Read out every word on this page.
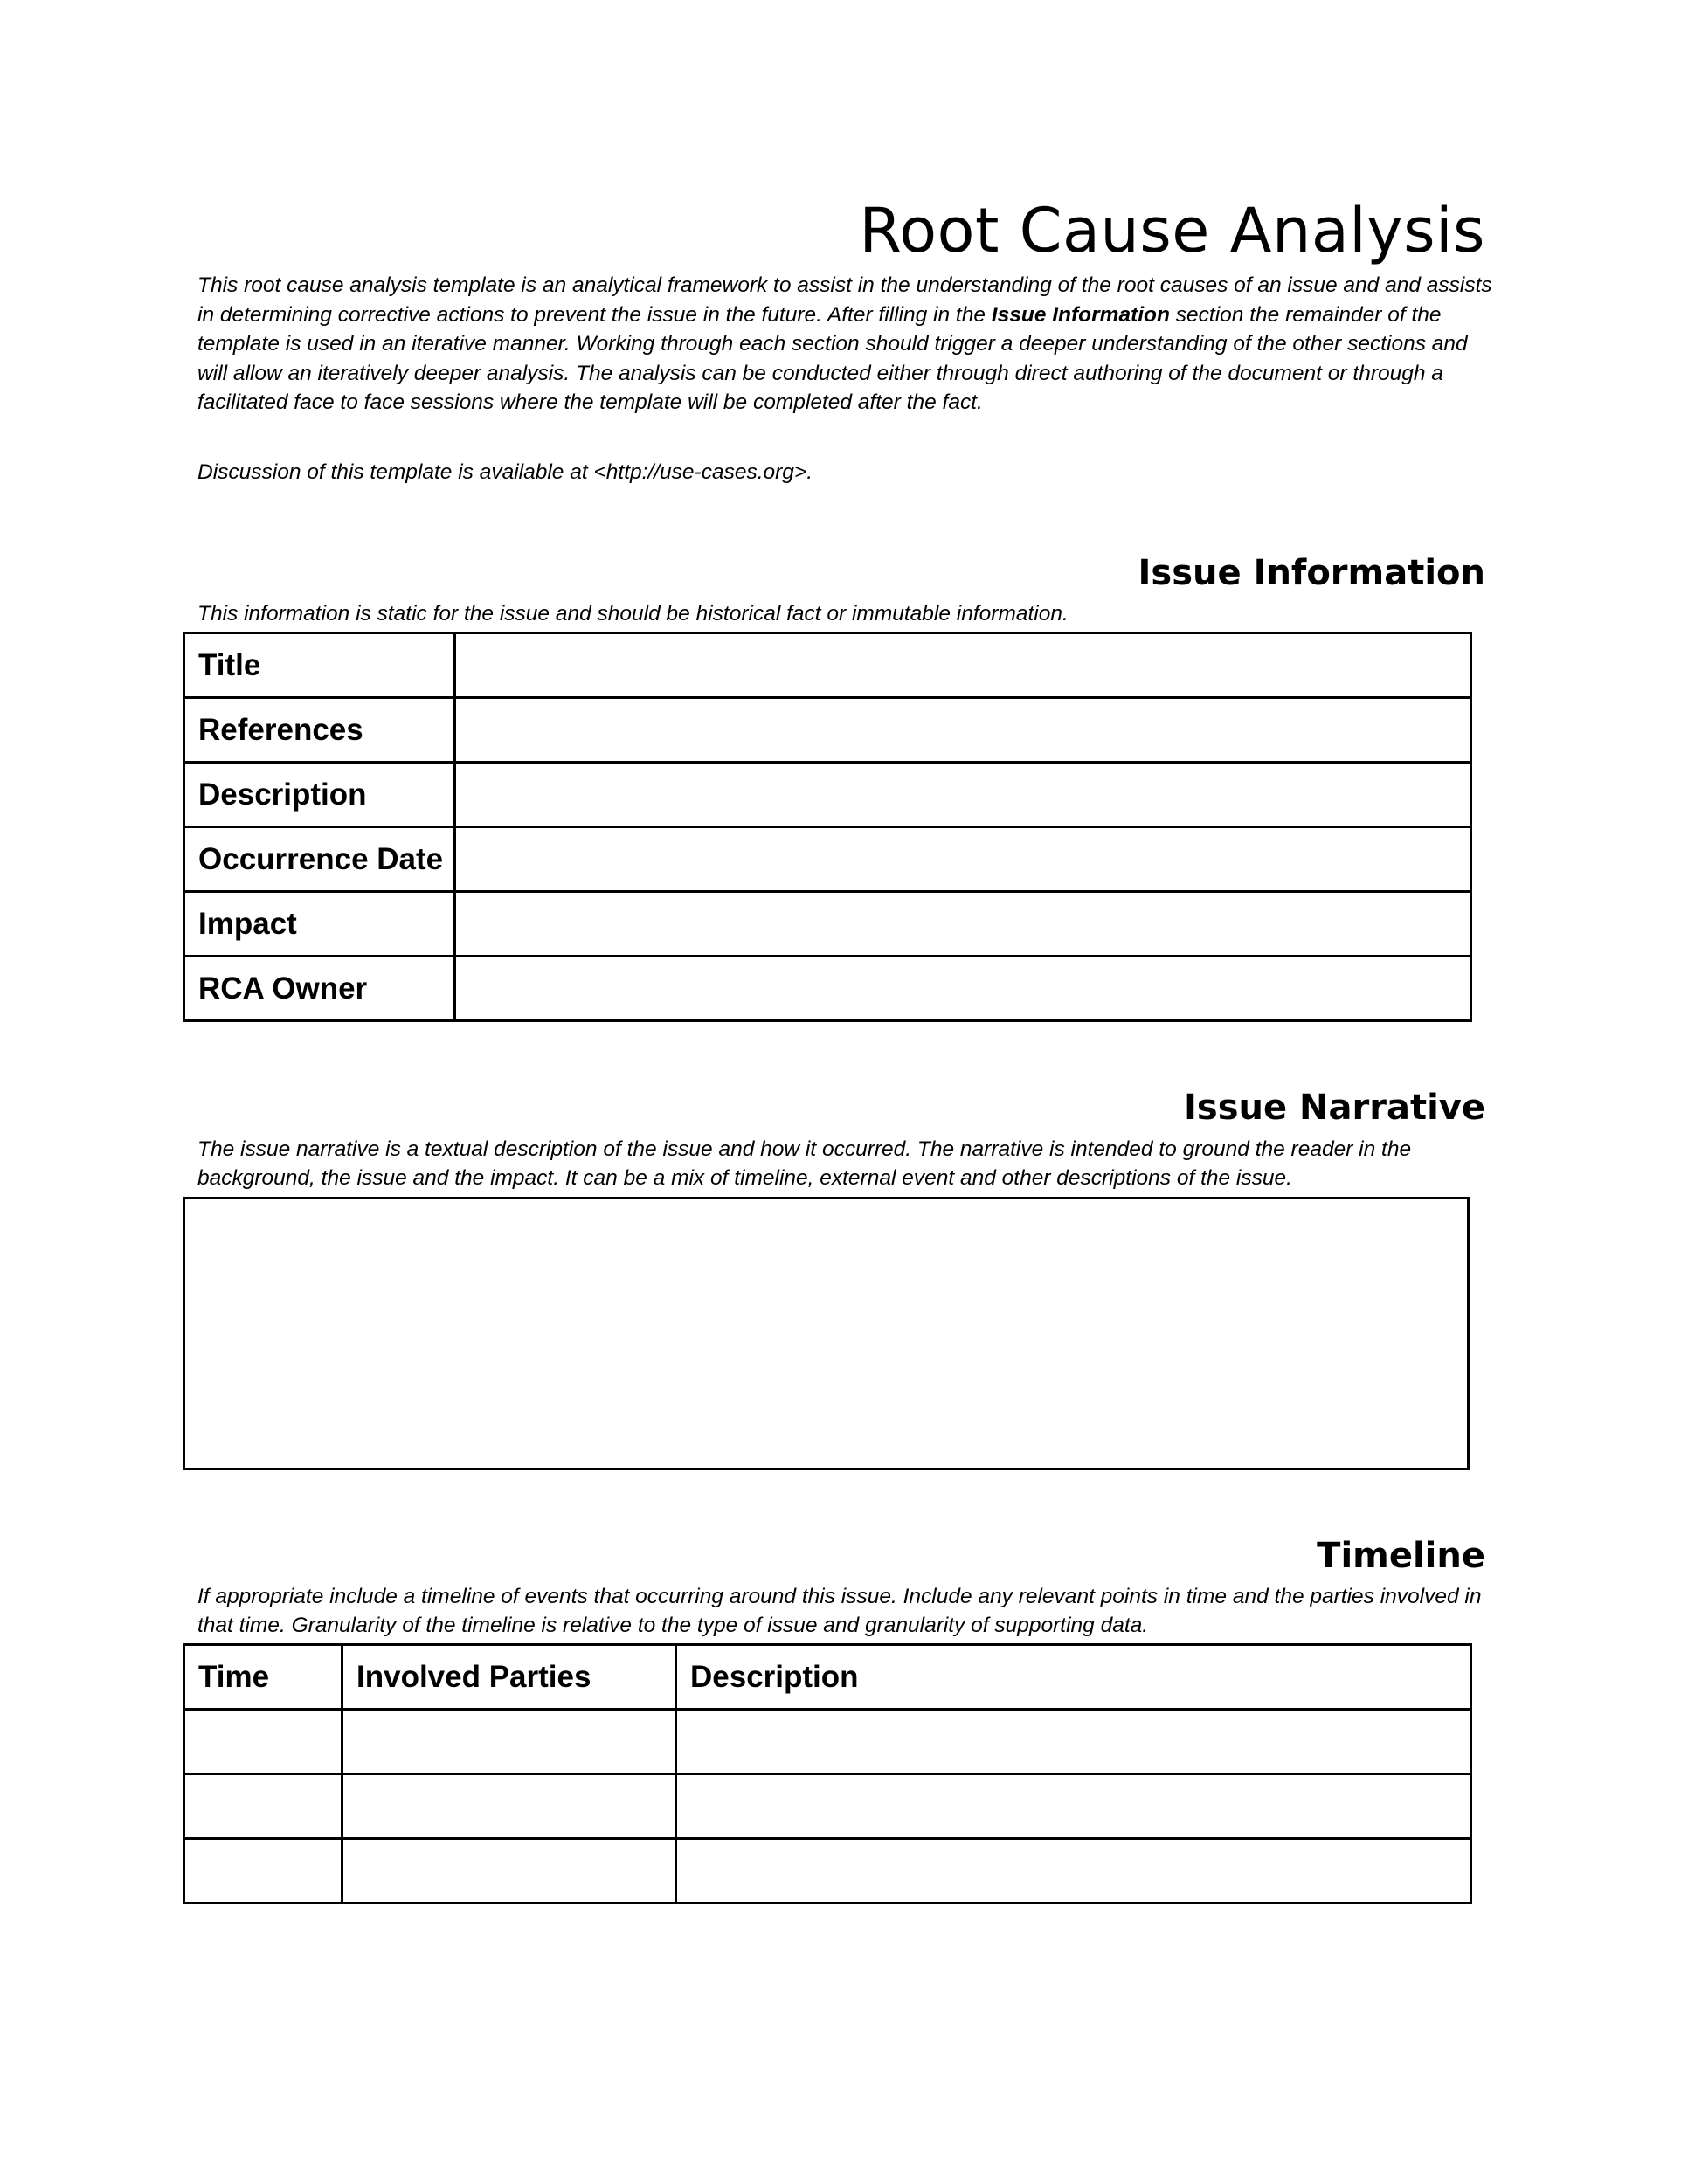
Root Cause Analysis
This root cause analysis template is an analytical framework to assist in the understanding of the root causes of an issue and and assists in determining corrective actions to prevent the issue in the future. After filling in the Issue Information section the remainder of the template is used in an iterative manner. Working through each section should trigger a deeper understanding of the other sections and will allow an iteratively deeper analysis. The analysis can be conducted either through direct authoring of the document or through a facilitated face to face sessions where the template will be completed after the fact.
Discussion of this template is available at <http://use-cases.org>.
Issue Information
This information is static for the issue and should be historical fact or immutable information.
Title	
References	
Description	
Occurrence Date	
Impact	
RCA Owner	
Issue Narrative
The issue narrative is a textual description of the issue and how it occurred. The narrative is intended to ground the reader in the background, the issue and the impact. It can be a mix of timeline, external event and other descriptions of the issue.
Timeline
If appropriate include a timeline of events that occurring around this issue. Include any relevant points in time and the parties involved in that time. Granularity of the timeline is relative to the type of issue and granularity of supporting data.
Time	Involved Parties	Description
